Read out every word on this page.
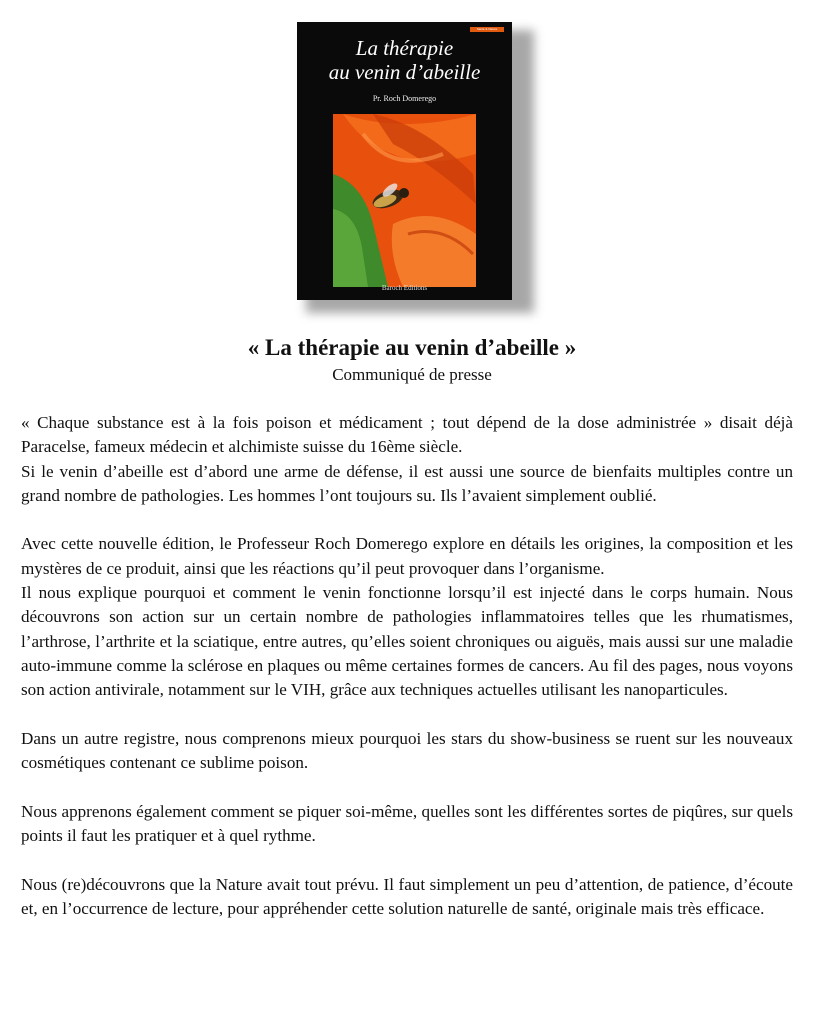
Santé & Nature
La thérapie
au venin d’abeille
Pr. Roch Domerego
Baroch Editions
« La thérapie au venin d’abeille »
Communiqué de presse

« Chaque substance est à la fois poison et médicament ; tout dépend de la dose administrée » disait déjà Paracelse, fameux médecin et alchimiste suisse du 16ème siècle.

Si le venin d’abeille est d’abord une arme de défense, il est aussi une source de bienfaits multiples contre un grand nombre de pathologies. Les hommes l’ont toujours su. Ils l’avaient simplement oublié.

Avec cette nouvelle édition, le Professeur Roch Domerego explore en détails les origines, la composition et les mystères de ce produit, ainsi que les réactions qu’il peut provoquer dans l’organisme.

Il nous explique pourquoi et comment le venin fonctionne lorsqu’il est injecté dans le corps humain. Nous découvrons son action sur un certain nombre de pathologies inflammatoires telles que les rhumatismes, l’arthrose, l’arthrite et la sciatique, entre autres, qu’elles soient chroniques ou aiguës, mais aussi sur une maladie auto-immune comme la sclérose en plaques ou même certaines formes de cancers. Au fil des pages, nous voyons son action antivirale, notamment sur le VIH, grâce aux techniques actuelles utilisant les nanoparticules.

Dans un autre registre, nous comprenons mieux pourquoi les stars du show-business se ruent sur les nouveaux cosmétiques contenant ce sublime poison.

Nous apprenons également comment se piquer soi-même, quelles sont les différentes sortes de piqûres, sur quels points il faut les pratiquer et à quel rythme.

Nous (re)découvrons que la Nature avait tout prévu. Il faut simplement un peu d’attention, de patience, d’écoute et, en l’occurrence de lecture, pour appréhender cette solution naturelle de santé, originale mais très efficace.
